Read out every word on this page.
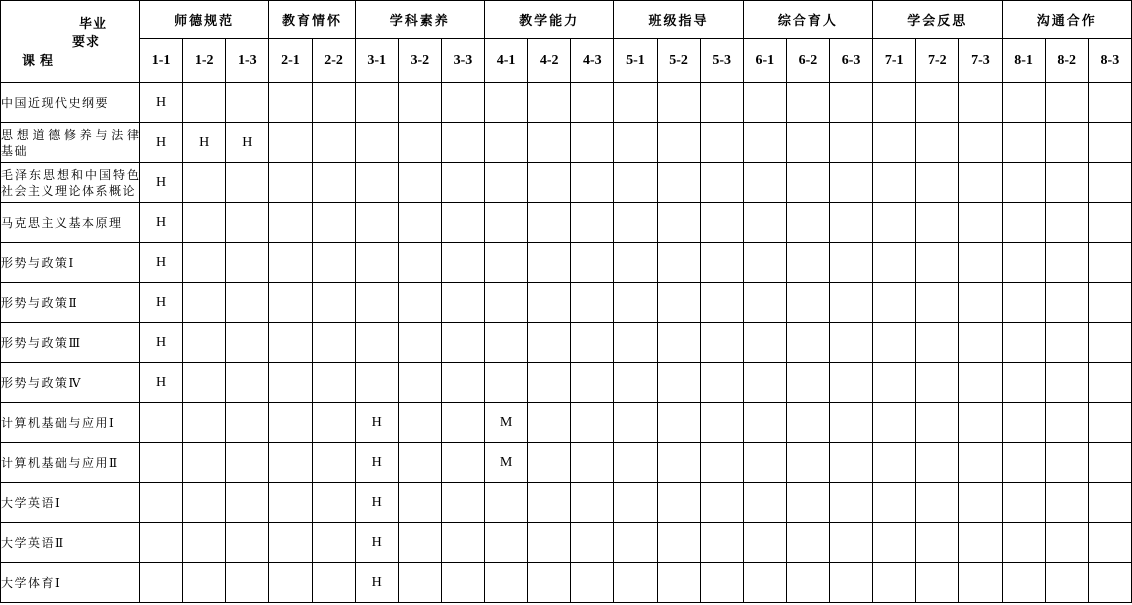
毕业
要求
课程	师德规范			教育情怀		学科素养			教学能力			班级指导			综合育人			学会反思			沟通合作		
	1-1	1-2	1-3	2-1	2-2	3-1	3-2	3-3	4-1	4-2	4-3	5-1	5-2	5-3	6-1	6-2	6-3	7-1	7-2	7-3	8-1	8-2	8-3

中国近现代史纲要	H																						

思想道德修养与法律
基础	H	H	H																				

毛泽东思想和中国特色
社会主义理论体系概论	H																						

马克思主义基本原理	H																						

形势与政策Ⅰ	H																						

形势与政策Ⅱ	H																						

形势与政策Ⅲ	H																						

形势与政策Ⅳ	H																						

计算机基础与应用Ⅰ						H			M														

计算机基础与应用Ⅱ						H			M														

大学英语Ⅰ						H																	

大学英语Ⅱ						H																	

大学体育Ⅰ						H																	
